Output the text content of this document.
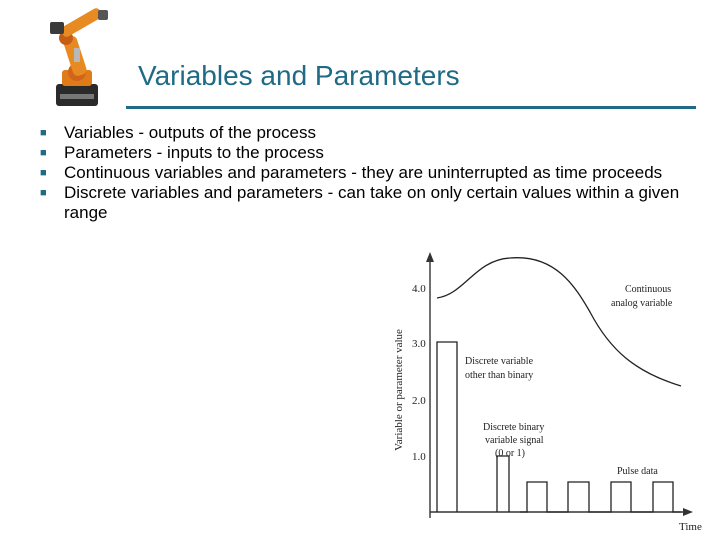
Variables and Parameters
■ Variables - outputs of the process
■ Parameters - inputs to the process
■ Continuous variables and parameters - they are uninterrupted as time proceeds
■ Discrete variables and parameters - can take on only certain values within a given range
Variable or parameter value
1.0
2.0
3.0
4.0	Continuous
analog variable
Discrete variable
other than binary
Discrete binary
variable signal
(0 or 1)
Pulse data
Time
